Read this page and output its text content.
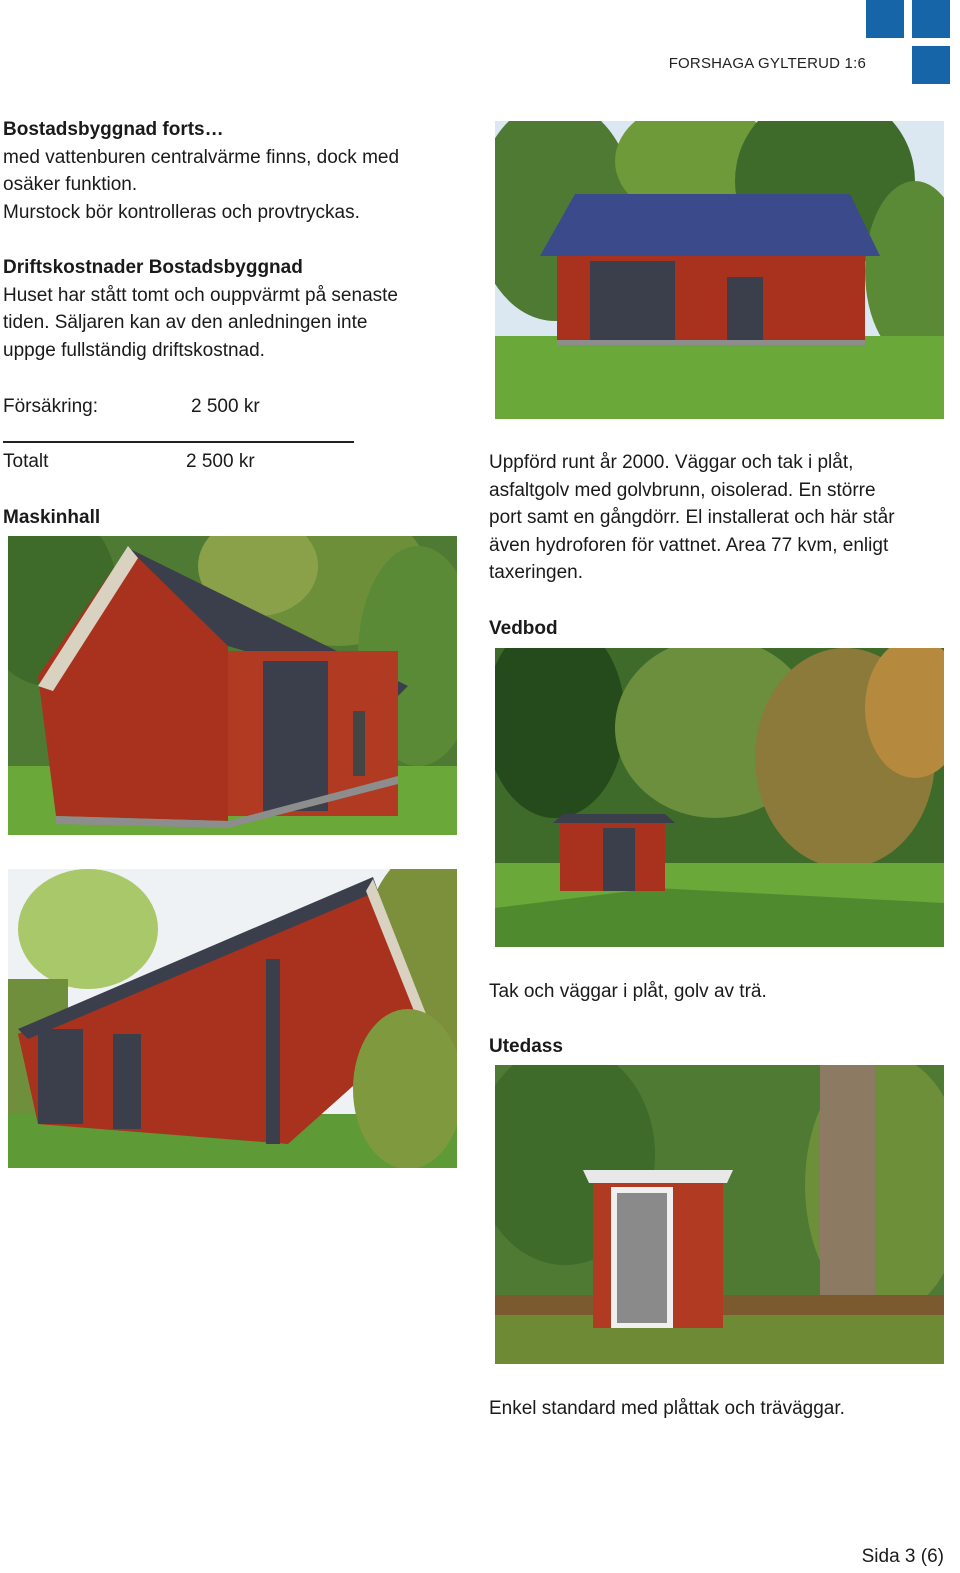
FORSHAGA GYLTERUD 1:6
Bostadsbyggnad forts…
med vattenburen centralvärme finns, dock med
osäker funktion.
Murstock bör kontrolleras och provtryckas.
Driftskostnader Bostadsbyggnad
Huset har stått tomt och ouppvärmt på senaste
tiden. Säljaren kan av den anledningen inte
uppge fullständig driftskostnad.
Försäkring:	2 500 kr
Totalt	2 500 kr
Maskinhall
Uppförd runt år 2000. Väggar och tak i plåt,
asfaltgolv med golvbrunn, oisolerad. En större
port samt en gångdörr. El installerat och här står
även hydroforen för vattnet. Area 77 kvm, enligt
taxeringen.
Vedbod
Tak och väggar i plåt, golv av trä.
Utedass
Enkel standard med plåttak och träväggar.
Sida 3 (6)
